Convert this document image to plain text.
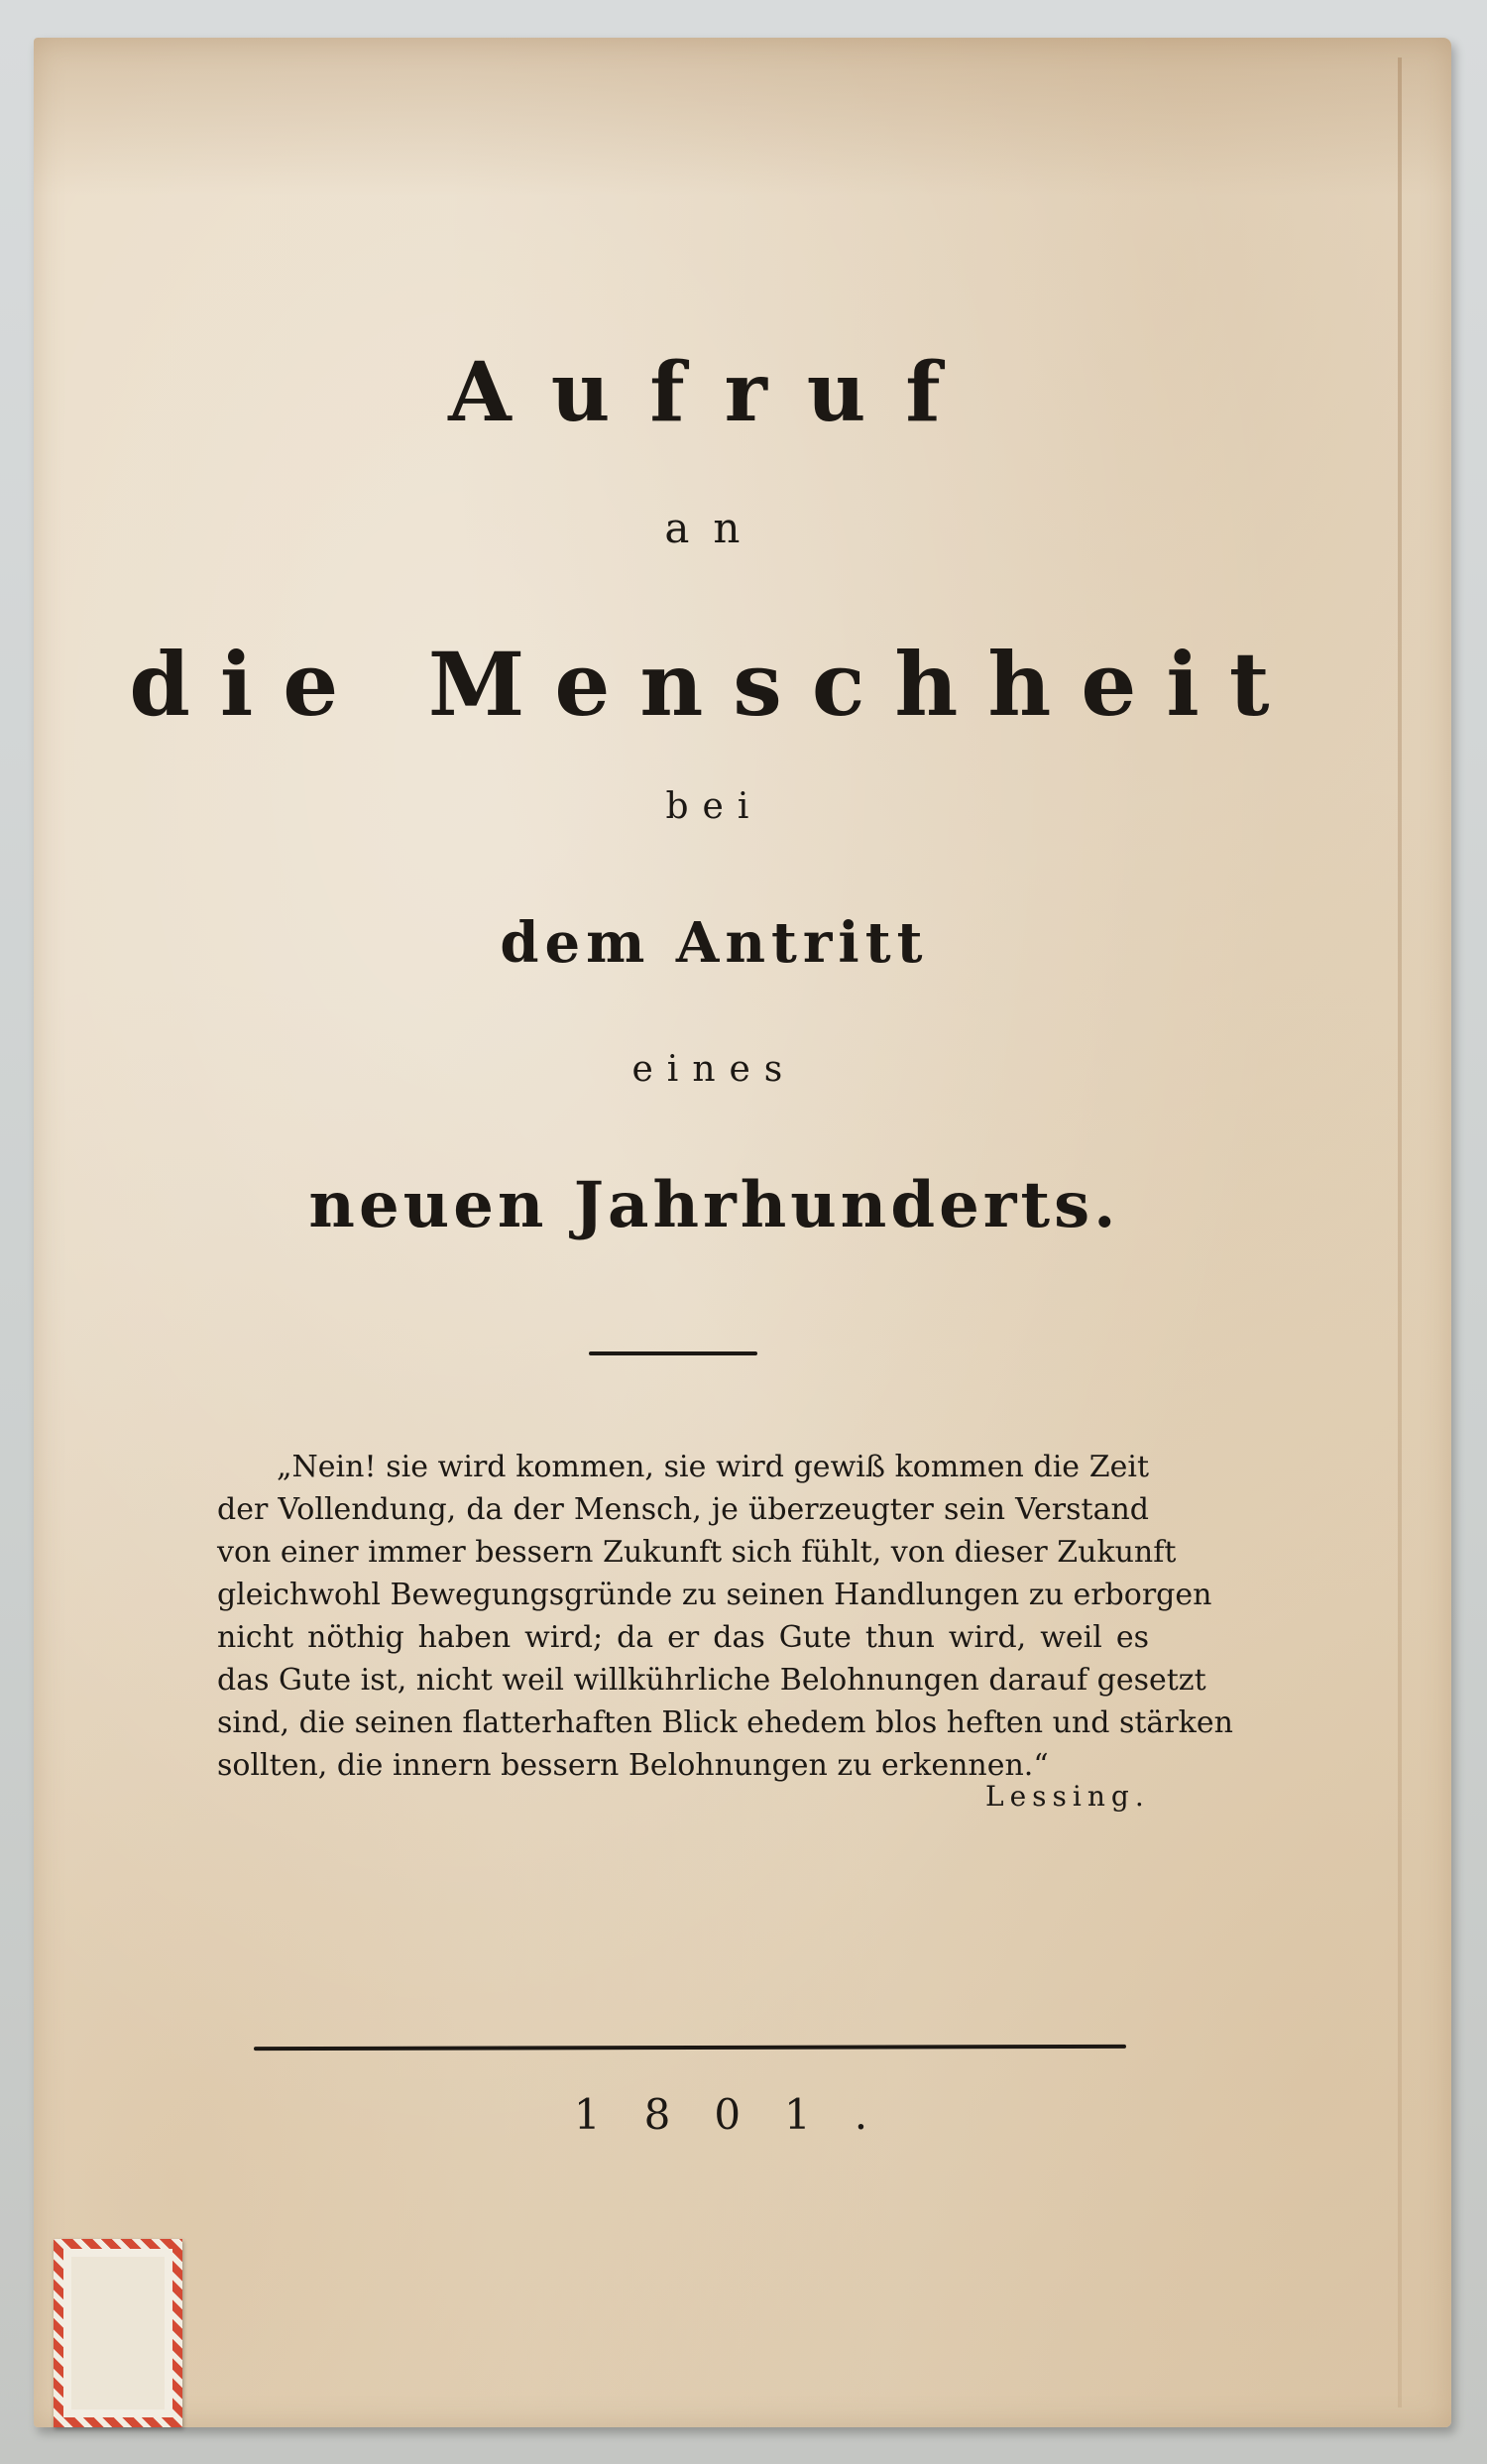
Aufruf
an
die Menschheit
bei
dem Antritt
eines
neuen Jahrhunderts.
„Nein! sie wird kommen, sie wird gewiß kommen die Zeit
der Vollendung, da der Mensch, je überzeugter sein Verstand
von einer immer bessern Zukunft sich fühlt, von dieser Zukunft
gleichwohl Bewegungsgründe zu seinen Handlungen zu erborgen
nicht nöthig haben wird; da er das Gute thun wird, weil es
das Gute ist, nicht weil willkührliche Belohnungen darauf gesetzt
sind, die seinen flatterhaften Blick ehedem blos heften und stärken
sollten, die innern bessern Belohnungen zu erkennen.“
Lessing.
1801.
